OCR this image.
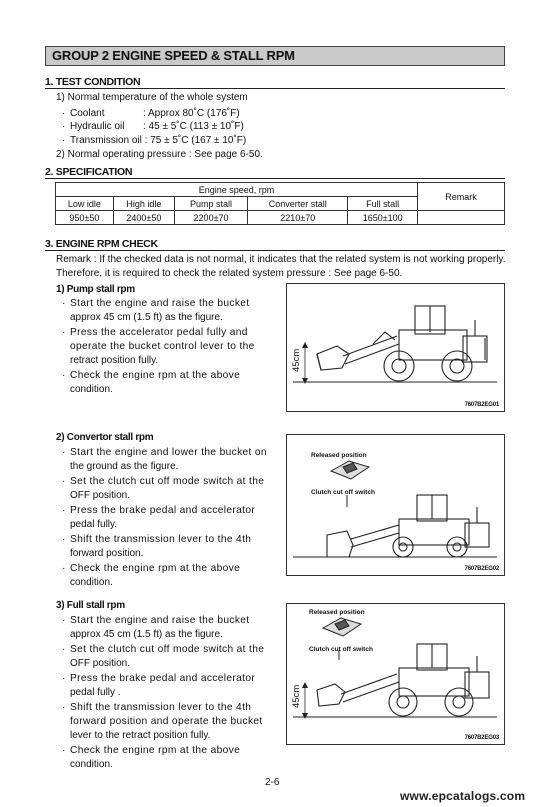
GROUP 2 ENGINE SPEED & STALL RPM
1. TEST CONDITION
1) Normal temperature of the whole system
· Coolant	: Approx 80˚C (176˚F)
· Hydraulic oil : 45 ± 5˚C (113 ± 10˚F)
· Transmission oil : 75 ± 5˚C (167 ± 10˚F)
2) Normal operating pressure : See page 6-50.
2. SPECIFICATION
Engine speed, rpm					Remark
Low idle	High idle	Pump stall	Converter stall	Full stall	
950±50	2400±50	2200±70	2210±70	1650±100	
3. ENGINE RPM CHECK
Remark : If the checked data is not normal, it indicates that the related system is not working properly.
Therefore, it is required to check the related system pressure : See page 6-50.
1) Pump stall rpm
· Start the engine and raise the bucket
approx 45 cm (1.5 ft) as the figure.
· Press the accelerator pedal fully and
operate the bucket control lever to the
retract position fully.
· Check the engine rpm at the above
condition.
45cm
7607B2EG01
2) Convertor stall rpm
· Start the engine and lower the bucket on
the ground as the figure.
· Set the clutch cut off mode switch at the
OFF position.
· Press the brake pedal and accelerator
pedal fully.
· Shift the transmission lever to the 4th
forward position.
· Check the engine rpm at the above
condition.
Released position
Clutch cut off switch
7607B2EG02
3) Full stall rpm
· Start the engine and raise the bucket
approx 45 cm (1.5 ft) as the figure.
· Set the clutch cut off mode switch at the
OFF position.
· Press the brake pedal and accelerator
pedal fully .
· Shift the transmission lever to the 4th
forward position and operate the bucket
lever to the retract position fully.
· Check the engine rpm at the above
condition.
Released position
Clutch cut off switch
45cm
7607B2EG03
2-6
www.epcatalogs.com
